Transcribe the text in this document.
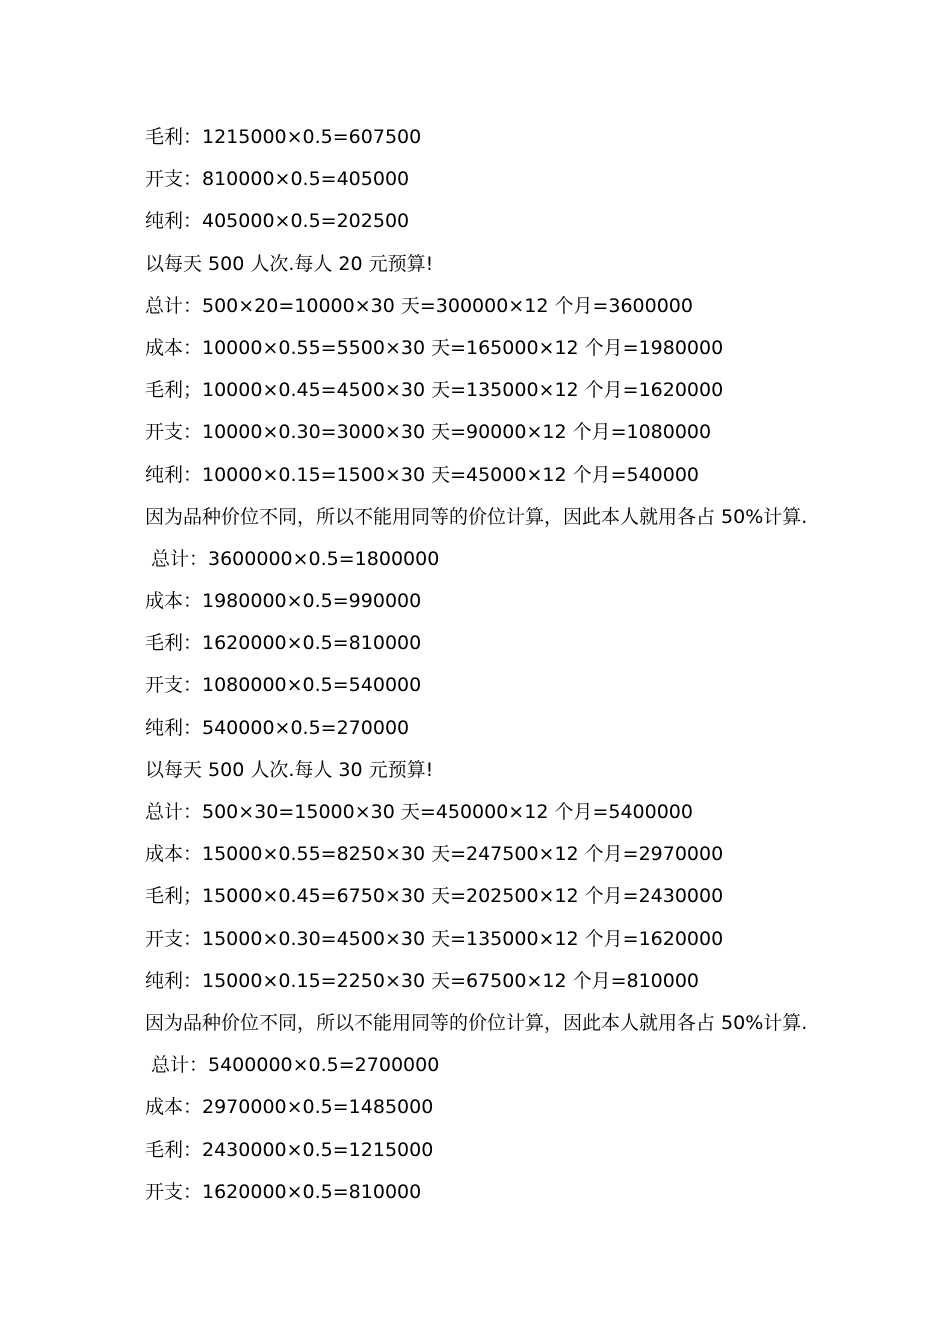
毛利：1215000×0.5=607500
开支：810000×0.5=405000
纯利：405000×0.5=202500
以每天 500 人次.每人 20 元预算!
总计：500×20=10000×30 天=300000×12 个月=3600000
成本：10000×0.55=5500×30 天=165000×12 个月=1980000
毛利；10000×0.45=4500×30 天=135000×12 个月=1620000
开支：10000×0.30=3000×30 天=90000×12 个月=1080000
纯利：10000×0.15=1500×30 天=45000×12 个月=540000
因为品种价位不同，所以不能用同等的价位计算，因此本人就用各占 50%计算.
总计：3600000×0.5=1800000
成本：1980000×0.5=990000
毛利：1620000×0.5=810000
开支：1080000×0.5=540000
纯利：540000×0.5=270000
以每天 500 人次.每人 30 元预算!
总计：500×30=15000×30 天=450000×12 个月=5400000
成本：15000×0.55=8250×30 天=247500×12 个月=2970000
毛利；15000×0.45=6750×30 天=202500×12 个月=2430000
开支：15000×0.30=4500×30 天=135000×12 个月=1620000
纯利：15000×0.15=2250×30 天=67500×12 个月=810000
因为品种价位不同，所以不能用同等的价位计算，因此本人就用各占 50%计算.
总计：5400000×0.5=2700000
成本：2970000×0.5=1485000
毛利：2430000×0.5=1215000
开支：1620000×0.5=810000
